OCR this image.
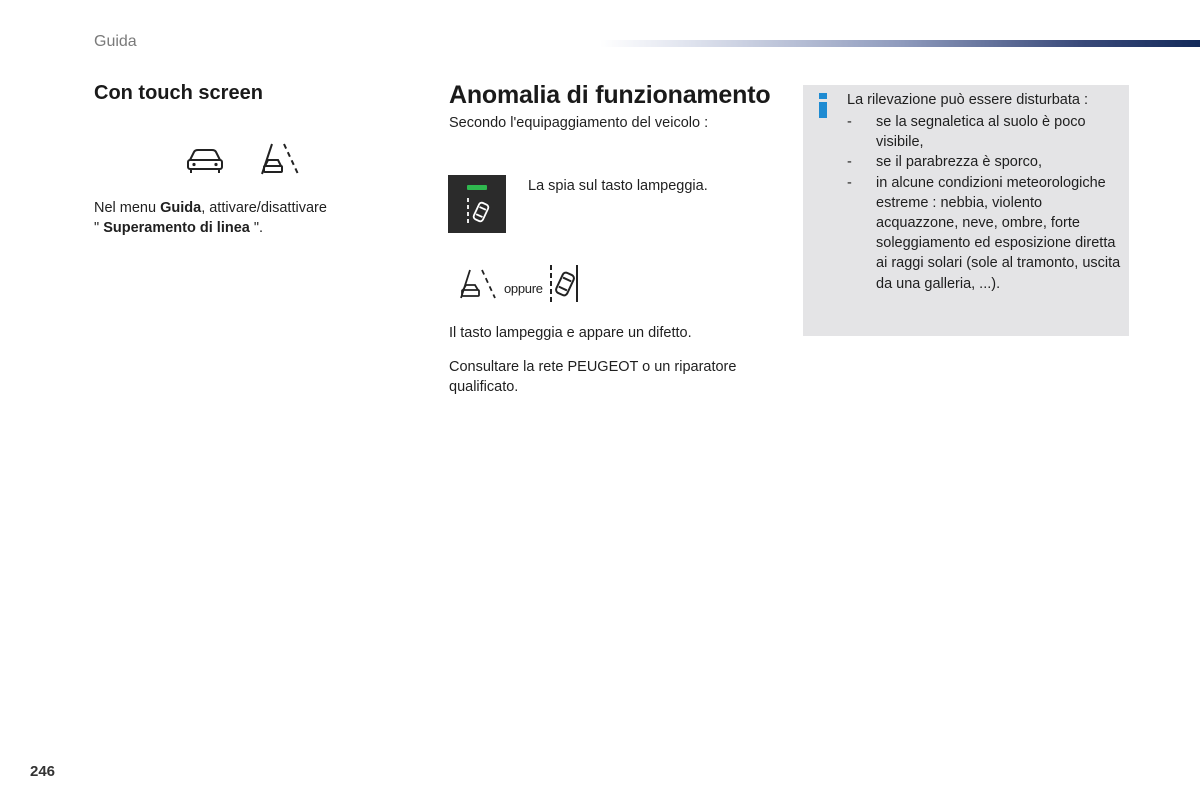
Guida
Con touch screen
Nel menu Guida, attivare/disattivare
" Superamento di linea ".
Anomalia di funzionamento
Secondo l'equipaggiamento del veicolo :
La spia sul tasto lampeggia.
oppure
Il tasto lampeggia e appare un difetto.
Consultare la rete PEUGEOT o un riparatore qualificato.
La rilevazione può essere disturbata :
- se la segnaletica al suolo è poco visibile,
- se il parabrezza è sporco,
- in alcune condizioni meteorologiche estreme : nebbia, violento acquazzone, neve, ombre, forte soleggiamento ed esposizione diretta ai raggi solari (sole al tramonto, uscita da una galleria, ...).
246
